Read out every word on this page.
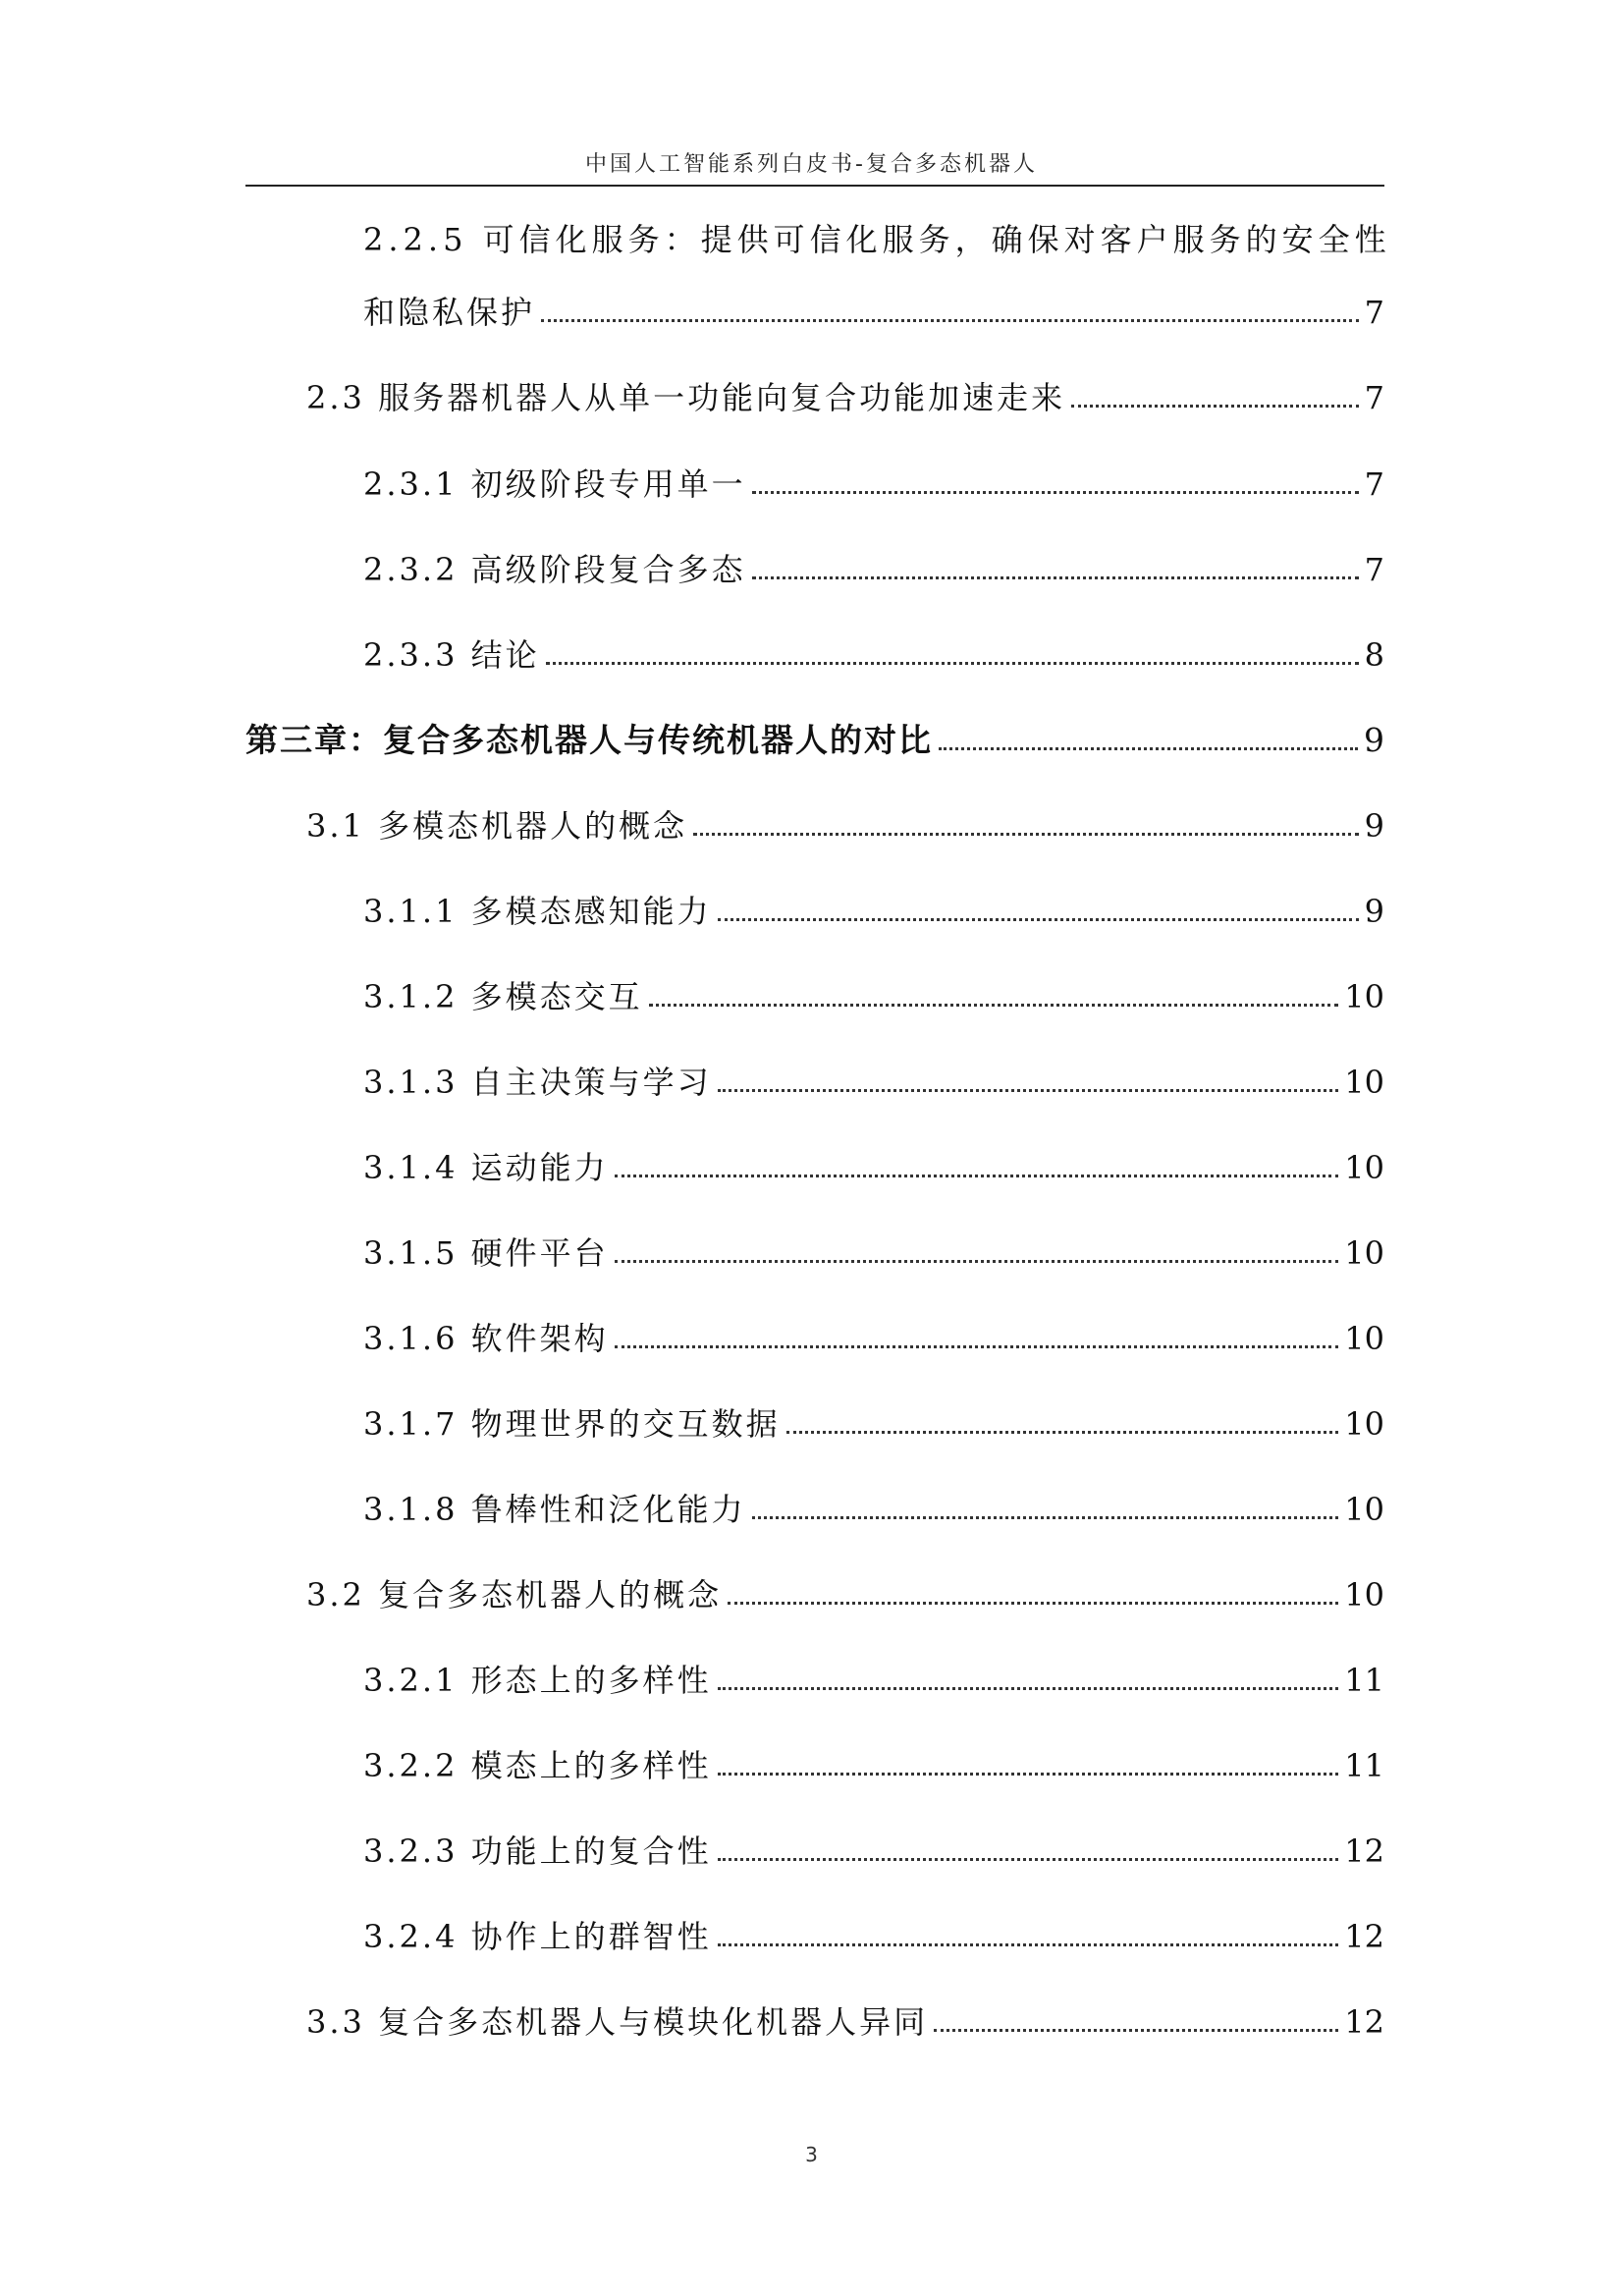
中国人工智能系列白皮书-复合多态机器人
2.2.5 可信化服务：提供可信化服务，确保对客户服务的安全性
和隐私保护	7
2.3 服务器机器人从单一功能向复合功能加速走来	7
2.3.1 初级阶段专用单一	7
2.3.2 高级阶段复合多态	7
2.3.3 结论	8
第三章：复合多态机器人与传统机器人的对比	9
3.1 多模态机器人的概念	9
3.1.1 多模态感知能力	9
3.1.2 多模态交互	10
3.1.3 自主决策与学习	10
3.1.4 运动能力	10
3.1.5 硬件平台	10
3.1.6 软件架构	10
3.1.7 物理世界的交互数据	10
3.1.8 鲁棒性和泛化能力	10
3.2 复合多态机器人的概念	10
3.2.1 形态上的多样性	11
3.2.2 模态上的多样性	11
3.2.3 功能上的复合性	12
3.2.4 协作上的群智性	12
3.3 复合多态机器人与模块化机器人异同	12
3
